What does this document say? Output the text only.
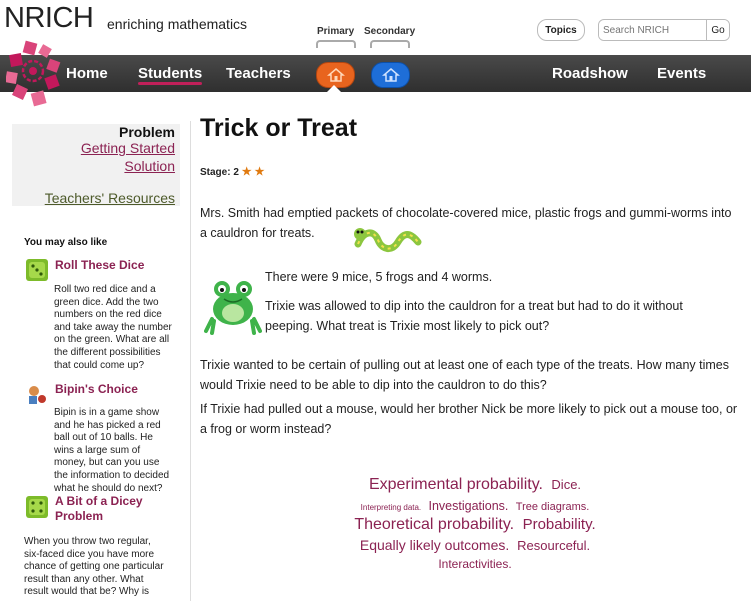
NRICH enriching mathematics	Primary Secondary	Topics
Search NRICH	Go
Home Students Teachers	Roadshow Events
Problem
Getting Started
Solution
Teachers' Resources
You may also like
Roll These Dice
Roll two red dice and a green dice. Add the two numbers on the red dice and take away the number on the green. What are all the different possibilities that could come up?
Bipin's Choice
Bipin is in a game show and he has picked a red ball out of 10 balls. He wins a large sum of money, but can you use the information to decided what he should do next?
A Bit of a Dicey Problem
When you throw two regular, six-faced dice you have more chance of getting one particular result than any other. What result would that be? Why is
Trick or Treat
Stage: 2 ★ ★
Mrs. Smith had emptied packets of chocolate-covered mice, plastic frogs and gummi-worms into a cauldron for treats.
There were 9 mice, 5 frogs and 4 worms.
Trixie was allowed to dip into the cauldron for a treat but had to do it without peeping. What treat is Trixie most likely to pick out?
Trixie wanted to be certain of pulling out at least one of each type of the treats. How many times would Trixie need to be able to dip into the cauldron to do this?
If Trixie had pulled out a mouse, would her brother Nick be more likely to pick out a mouse too, or a frog or worm instead?
Experimental probability. Dice.
Interpreting data. Investigations. Tree diagrams.
Theoretical probability. Probability.
Equally likely outcomes. Resourceful.
Interactivities.
